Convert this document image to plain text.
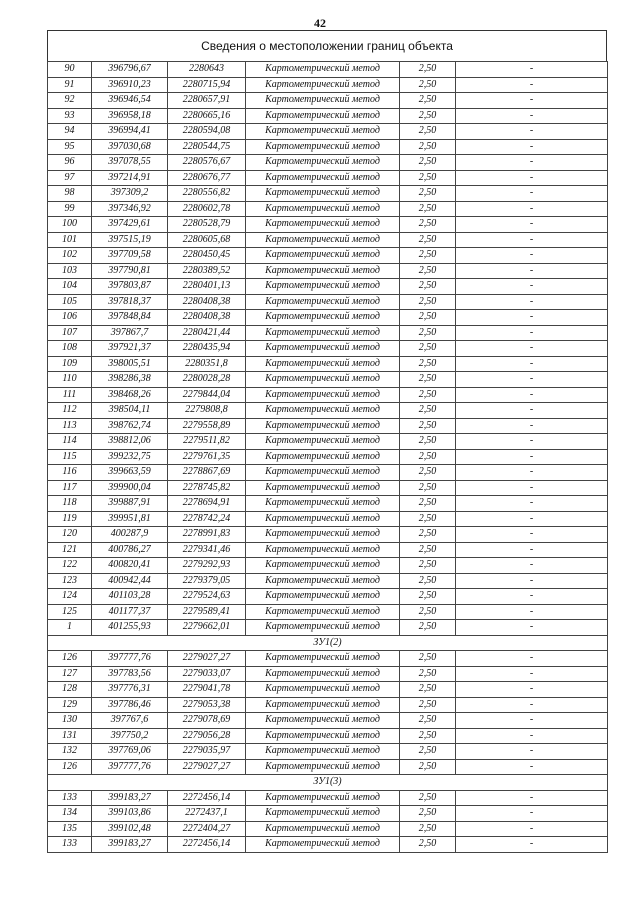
42
Сведения о местоположении границ объекта
90	396796,67	2280643	Картометрический метод	2,50	-
91	396910,23	2280715,94	Картометрический метод	2,50	-
92	396946,54	2280657,91	Картометрический метод	2,50	-
93	396958,18	2280665,16	Картометрический метод	2,50	-
94	396994,41	2280594,08	Картометрический метод	2,50	-
95	397030,68	2280544,75	Картометрический метод	2,50	-
96	397078,55	2280576,67	Картометрический метод	2,50	-
97	397214,91	2280676,77	Картометрический метод	2,50	-
98	397309,2	2280556,82	Картометрический метод	2,50	-
99	397346,92	2280602,78	Картометрический метод	2,50	-
100	397429,61	2280528,79	Картометрический метод	2,50	-
101	397515,19	2280605,68	Картометрический метод	2,50	-
102	397709,58	2280450,45	Картометрический метод	2,50	-
103	397790,81	2280389,52	Картометрический метод	2,50	-
104	397803,87	2280401,13	Картометрический метод	2,50	-
105	397818,37	2280408,38	Картометрический метод	2,50	-
106	397848,84	2280408,38	Картометрический метод	2,50	-
107	397867,7	2280421,44	Картометрический метод	2,50	-
108	397921,37	2280435,94	Картометрический метод	2,50	-
109	398005,51	2280351,8	Картометрический метод	2,50	-
110	398286,38	2280028,28	Картометрический метод	2,50	-
111	398468,26	2279844,04	Картометрический метод	2,50	-
112	398504,11	2279808,8	Картометрический метод	2,50	-
113	398762,74	2279558,89	Картометрический метод	2,50	-
114	398812,06	2279511,82	Картометрический метод	2,50	-
115	399232,75	2279761,35	Картометрический метод	2,50	-
116	399663,59	2278867,69	Картометрический метод	2,50	-
117	399900,04	2278745,82	Картометрический метод	2,50	-
118	399887,91	2278694,91	Картометрический метод	2,50	-
119	399951,81	2278742,24	Картометрический метод	2,50	-
120	400287,9	2278991,83	Картометрический метод	2,50	-
121	400786,27	2279341,46	Картометрический метод	2,50	-
122	400820,41	2279292,93	Картометрический метод	2,50	-
123	400942,44	2279379,05	Картометрический метод	2,50	-
124	401103,28	2279524,63	Картометрический метод	2,50	-
125	401177,37	2279589,41	Картометрический метод	2,50	-
1	401255,93	2279662,01	Картометрический метод	2,50	-
ЗУ1(2)					
126	397777,76	2279027,27	Картометрический метод	2,50	-
127	397783,56	2279033,07	Картометрический метод	2,50	-
128	397776,31	2279041,78	Картометрический метод	2,50	-
129	397786,46	2279053,38	Картометрический метод	2,50	-
130	397767,6	2279078,69	Картометрический метод	2,50	-
131	397750,2	2279056,28	Картометрический метод	2,50	-
132	397769,06	2279035,97	Картометрический метод	2,50	-
126	397777,76	2279027,27	Картометрический метод	2,50	-
ЗУ1(3)					
133	399183,27	2272456,14	Картометрический метод	2,50	-
134	399103,86	2272437,1	Картометрический метод	2,50	-
135	399102,48	2272404,27	Картометрический метод	2,50	-
133	399183,27	2272456,14	Картометрический метод	2,50	-
